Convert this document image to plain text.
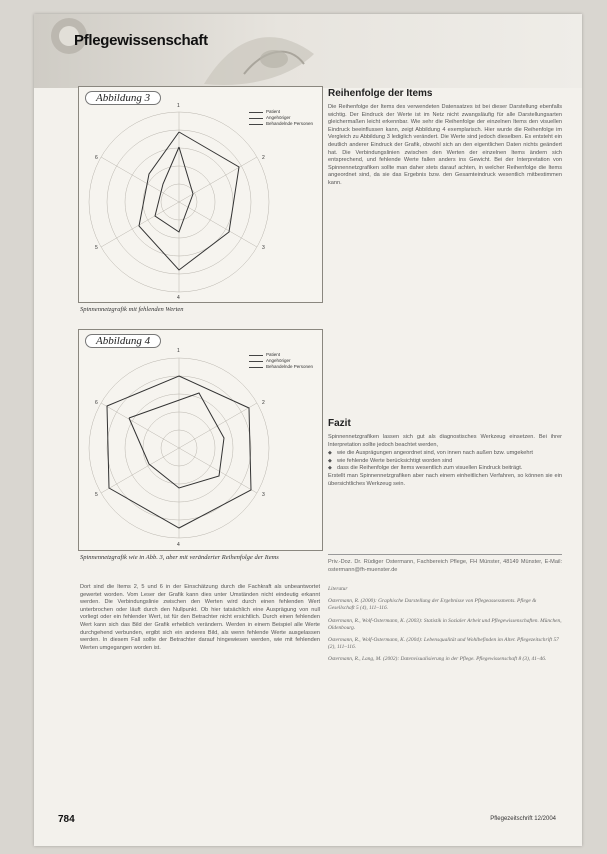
Pflegewissenschaft
Abbildung 3
1
2
3
4
5
6
Patient
Angehöriger
Behandelnde Personen
Spinnennetzgrafik mit fehlenden Werten
Abbildung 4
1
2
3
4
5
6
Patient
Angehöriger
Behandelnde Personen
Spinnennetzgrafik wie in Abb. 3, aber mit veränderter Reihenfolge der Items
Dort sind die Items 2, 5 und 6 in der Einschätzung durch die Fachkraft als unbeantwortet gewertet worden. Vom Leser der Grafik kann dies unter Umständen nicht eindeutig erkannt werden. Die Verbindungslinie zwischen den Werten wird durch einen fehlenden Wert unterbrochen oder läuft durch den Nullpunkt. Ob hier tatsächlich eine Ausprägung von null vorliegt oder ein fehlender Wert, ist für den Betrachter nicht ersichtlich. Durch einen fehlenden Wert kann sich das Bild der Grafik erheblich verändern. Werden in einem Beispiel alle Werte durchgehend verbunden, ergibt sich ein anderes Bild, als wenn fehlende Werte ausgelassen werden. In diesem Fall sollte der Betrachter darauf hingewiesen werden, wie mit fehlenden Werten umgegangen worden ist.
Reihenfolge der Items
Die Reihenfolge der Items des verwendeten Datensatzes ist bei dieser Darstellung ebenfalls wichtig. Der Eindruck der Werte ist im Netz nicht zwangsläufig für alle Darstellungsarten gleichermaßen leicht erkennbar. Wie sehr die Reihenfolge der einzelnen Items den visuellen Eindruck beeinflussen kann, zeigt Abbildung 4 exemplarisch. Hier wurde die Reihenfolge im Vergleich zu Abbildung 3 lediglich verändert. Die Werte sind jedoch dieselben. Es entsteht ein deutlich anderer Eindruck der Grafik, obwohl sich an den eigentlichen Daten nichts geändert hat. Die Verbindungslinien zwischen den Werten der einzelnen Items ändern sich entsprechend, und fehlende Werte fallen anders ins Gewicht. Bei der Interpretation von Spinnennetzgrafiken sollte man daher stets darauf achten, in welcher Reihenfolge die Items angeordnet sind, da sie das Ergebnis bzw. den Gesamteindruck wesentlich mitbestimmen kann.
Fazit

Spinnennetzgrafiken lassen sich gut als diagnostisches Werkzeug einsetzen. Bei ihrer Interpretation sollte jedoch beachtet werden,

◆ wie die Ausprägungen angeordnet sind, von innen nach außen bzw. umgekehrt
◆ wie fehlende Werte berücksichtigt worden sind
◆ dass die Reihenfolge der Items wesentlich zum visuellen Eindruck beiträgt.

Erstellt man Spinnennetzgrafiken aber nach einem einheitlichen Verfahren, so können sie ein übersichtliches Werkzeug sein.

Priv.-Doz. Dr. Rüdiger Ostermann, Fachbereich Pflege, FH Münster, 48149 Münster, E-Mail: ostermann@fh-muenster.de

Literatur

Ostermann, R. (2000): Graphische Darstellung der Ergebnisse von Pflegeassessments. Pflege & Gesellschaft 5 (4), 111–116.

Ostermann, R., Wolf-Ostermann, K. (2003): Statistik in Sozialer Arbeit und Pflegewissenschaften. München, Oldenbourg.

Ostermann, R., Wolf-Ostermann, K. (2004): Lebensqualität und Wohlbefinden im Alter. Pflegezeitschrift 57 (2), 111–116.

Ostermann, R., Lang, M. (2002): Datenvisualisierung in der Pflege. Pflegewissenschaft 8 (3), 41–46.

784	Pflegezeitschrift 12/2004
